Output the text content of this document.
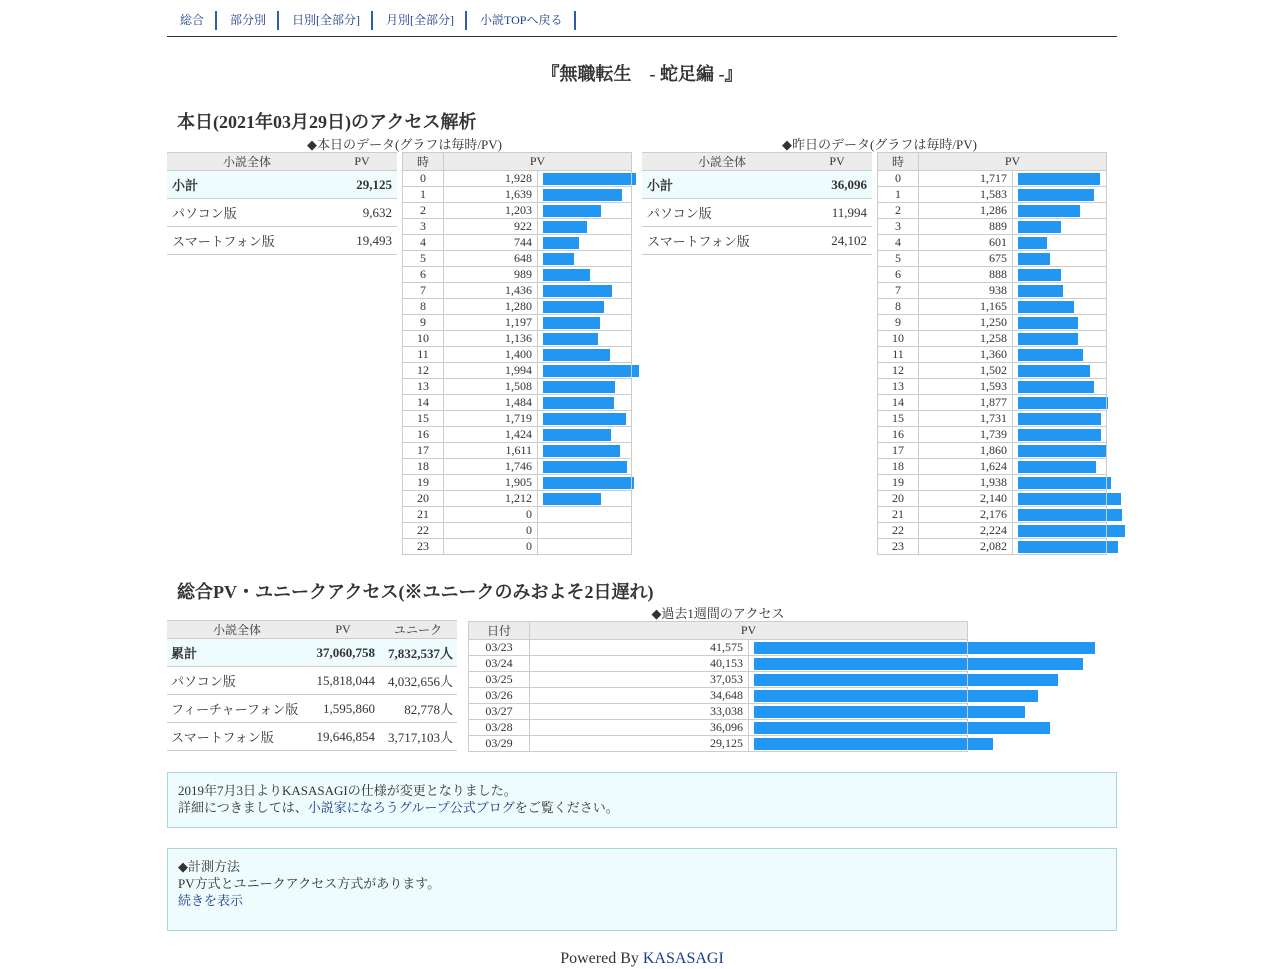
総合	部分別	日別[全部分]	月別[全部分]	小説TOPへ戻る
『無職転生　- 蛇足編 -』
本日(2021年03月29日)のアクセス解析
◆本日のデータ(グラフは毎時/PV)	◆昨日のデータ(グラフは毎時/PV)
小説全体	PV
小計	29,125
パソコン版	9,632
スマートフォン版	19,493
時	PV	
0	1,928	

1	1,639	

2	1,203	

3	922	

4	744	

5	648	

6	989	

7	1,436	

8	1,280	

9	1,197	

10	1,136	

11	1,400	

12	1,994	

13	1,508	

14	1,484	

15	1,719	

16	1,424	

17	1,611	

18	1,746	

19	1,905	

20	1,212	

21	0	

22	0	

23	0	
小説全体	PV
小計	36,096
パソコン版	11,994
スマートフォン版	24,102
時	PV	
0	1,717	

1	1,583	

2	1,286	

3	889	

4	601	

5	675	

6	888	

7	938	

8	1,165	

9	1,250	

10	1,258	

11	1,360	

12	1,502	

13	1,593	

14	1,877	

15	1,731	

16	1,739	

17	1,860	

18	1,624	

19	1,938	

20	2,140	

21	2,176	

22	2,224	

23	2,082	
総合PV・ユニークアクセス(※ユニークのみおよそ2日遅れ)
◆過去1週間のアクセス
小説全体	PV	ユニーク
累計	37,060,758	7,832,537人
パソコン版	15,818,044	4,032,656人
フィーチャーフォン版	1,595,860	82,778人
スマートフォン版	19,646,854	3,717,103人
日付	PV	
03/23	41,575	

03/24	40,153	

03/25	37,053	

03/26	34,648	

03/27	33,038	

03/28	36,096	

03/29	29,125	
2019年7月3日よりKASASAGIの仕様が変更となりました。
詳細につきましては、小説家になろうグループ公式ブログをご覧ください。
◆計測方法
PV方式とユニークアクセス方式があります。
続きを表示
Powered By KASASAGI
